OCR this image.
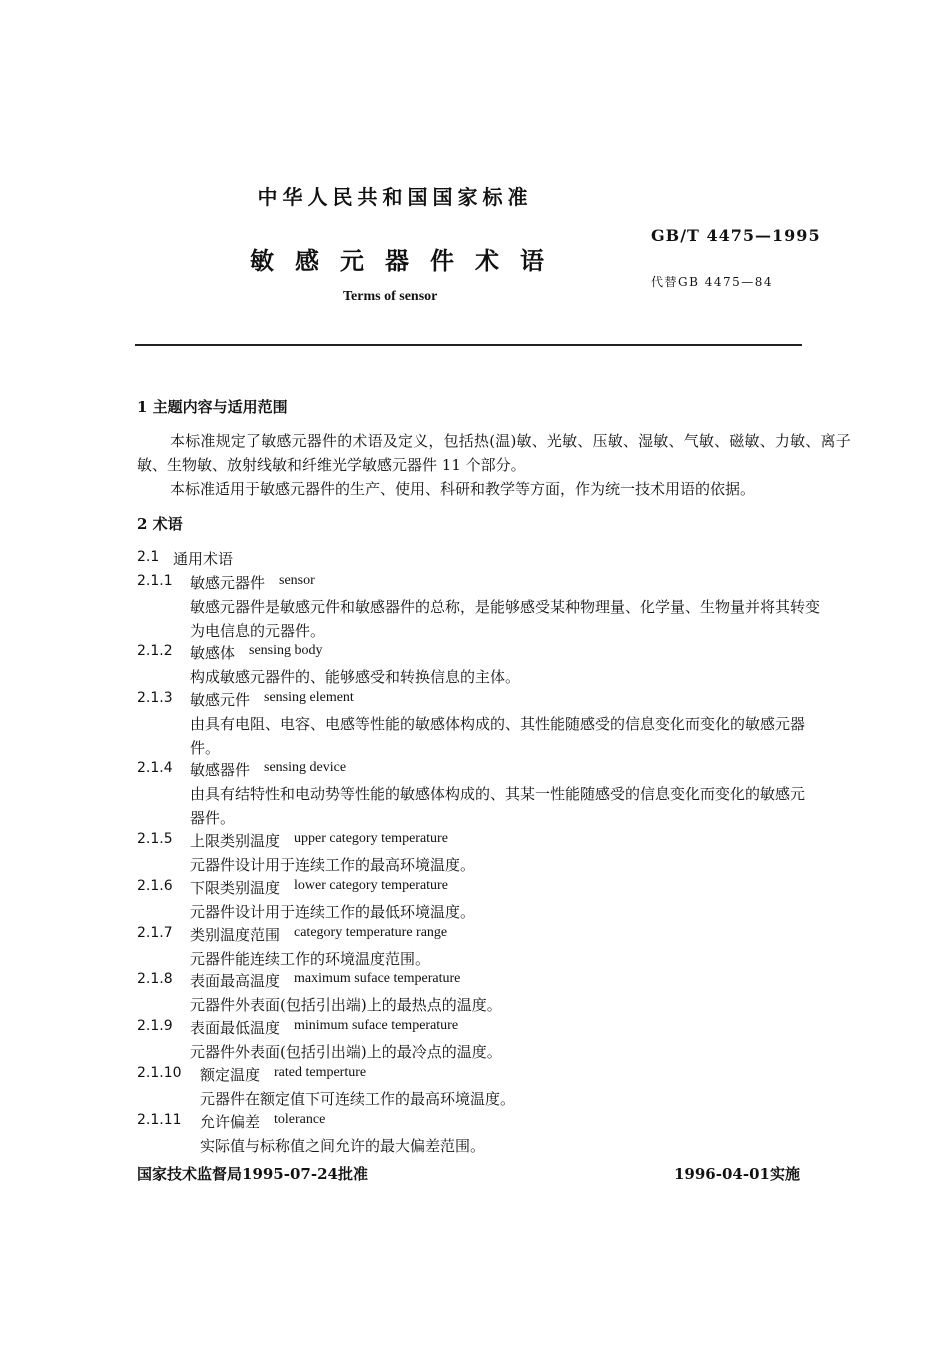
中华人民共和国国家标准
GB/T 4475—1995
敏感元器件术语
代替GB 4475—84
Terms of sensor
1 主题内容与适用范围
本标准规定了敏感元器件的术语及定义，包括热(温)敏、光敏、压敏、湿敏、气敏、磁敏、力敏、离子
敏、生物敏、放射线敏和纤维光学敏感元器件 11 个部分。
本标准适用于敏感元器件的生产、使用、科研和教学等方面，作为统一技术用语的依据。
2 术语
2.1 通用术语
2.1.1 敏感元器件 sensor
敏感元器件是敏感元件和敏感器件的总称，是能够感受某种物理量、化学量、生物量并将其转变
为电信息的元器件。
2.1.2 敏感体 sensing body
构成敏感元器件的、能够感受和转换信息的主体。
2.1.3 敏感元件 sensing element
由具有电阻、电容、电感等性能的敏感体构成的、其性能随感受的信息变化而变化的敏感元器
件。
2.1.4 敏感器件 sensing device
由具有结特性和电动势等性能的敏感体构成的、其某一性能随感受的信息变化而变化的敏感元
器件。
2.1.5 上限类别温度 upper category temperature
元器件设计用于连续工作的最高环境温度。
2.1.6 下限类别温度 lower category temperature
元器件设计用于连续工作的最低环境温度。
2.1.7 类别温度范围 category temperature range
元器件能连续工作的环境温度范围。
2.1.8 表面最高温度 maximum suface temperature
元器件外表面(包括引出端)上的最热点的温度。
2.1.9 表面最低温度 minimum suface temperature
元器件外表面(包括引出端)上的最冷点的温度。
2.1.10 额定温度 rated temperture
元器件在额定值下可连续工作的最高环境温度。
2.1.11 允许偏差 tolerance
实际值与标称值之间允许的最大偏差范围。
国家技术监督局1995-07-24批准	1996-04-01实施
